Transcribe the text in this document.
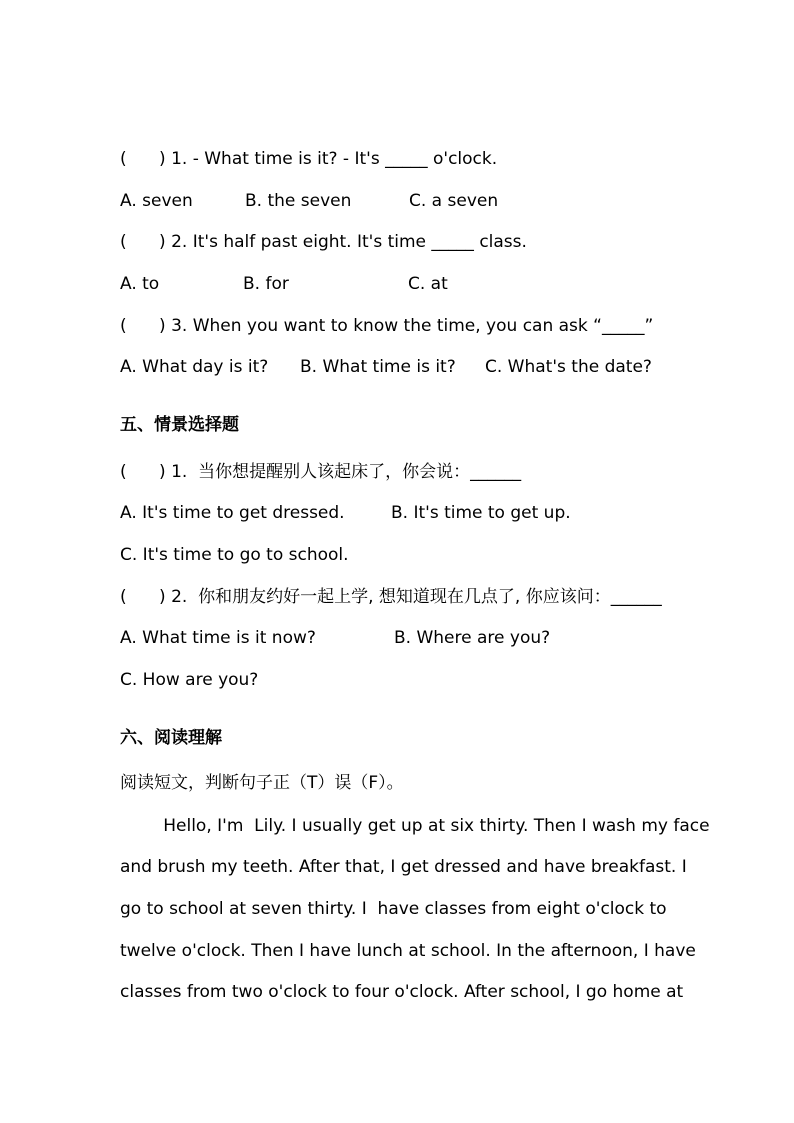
(      ) 1. - What time is it? - It's _____ o'clock.
A. seven	B. the seven	C. a seven
(      ) 2. It's half past eight. It's time _____ class.
A. to	B. for	C. at
(      ) 3. When you want to know the time, you can ask “_____”
A. What day is it? B. What time is it? C. What's the date?
五、情景选择题
(      ) 1.  当你想提醒别人该起床了，你会说：______
A. It's time to get dressed.	B. It's time to get up.
C. It's time to go to school.
(      ) 2.  你和朋友约好一起上学, 想知道现在几点了, 你应该问：______
A. What time is it now?	B. Where are you?
C. How are you?
六、阅读理解
阅读短文，判断句子正（T）误（F）。
Hello, I'm  Lily. I usually get up at six thirty. Then I wash my face
and brush my teeth. After that, I get dressed and have breakfast. I
go to school at seven thirty. I  have classes from eight o'clock to
twelve o'clock. Then I have lunch at school. In the afternoon, I have
classes from two o'clock to four o'clock. After school, I go home at
